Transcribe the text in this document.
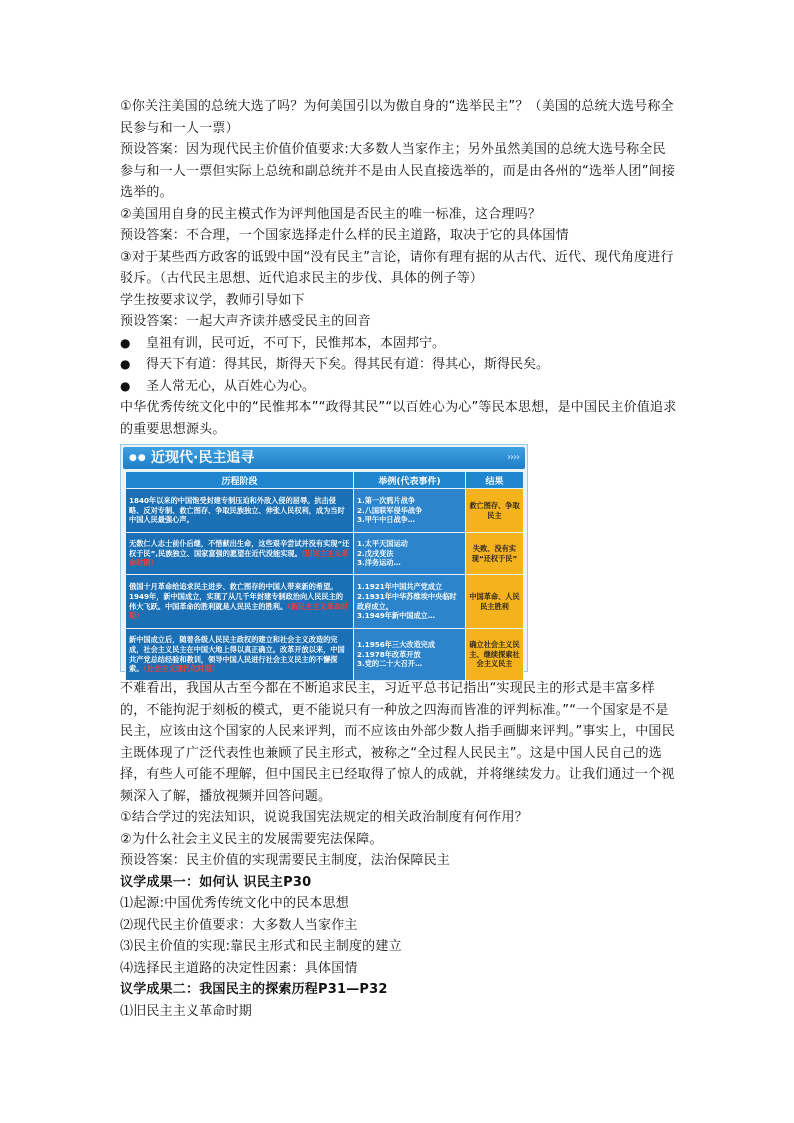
①你关注美国的总统大选了吗？为何美国引以为傲自身的“选举民主”？（美国的总统大选号称全民参与和一人一票）

预设答案：因为现代民主价值价值要求:大多数人当家作主；另外虽然美国的总统大选号称全民参与和一人一票但实际上总统和副总统并不是由人民直接选举的，而是由各州的“选举人团”间接选举的。

②美国用自身的民主模式作为评判他国是否民主的唯一标准，这合理吗？

预设答案：不合理，一个国家选择走什么样的民主道路，取决于它的具体国情

③对于某些西方政客的诋毁中国“没有民主”言论，请你有理有据的从古代、近代、现代角度进行驳斥。（古代民主思想、近代追求民主的步伐、具体的例子等）

学生按要求议学，教师引导如下

预设答案：一起大声齐读并感受民主的回音

●	皇祖有训，民可近，不可下，民惟邦本，本固邦宁。
●	得天下有道：得其民，斯得天下矣。得其民有道：得其心，斯得民矣。
●	圣人常无心，从百姓心为心。

中华优秀传统文化中的“民惟邦本”“政得其民”“以百姓心为心”等民本思想，是中国民主价值追求的重要思想源头。

●● 近现代·民主追寻	››››
历程阶段	举例(代表事件)	结果
1840年以来的中国饱受封建专制压迫和外敌入侵的屈辱。抗击侵略、反对专制、救亡图存、争取民族独立、伸张人民权利，成为当时中国人民最强心声。	1.第一次鸦片战争
2.八国联军侵华战争
3.甲午中日战争…	救亡图存、争取民主
无数仁人志士前仆后继，不惜献出生命，这些艰辛尝试并没有实现“还权于民”,民族独立、国家富强的愿望在近代没能实现。（旧民主主义革命时期）	1.太平天国运动
2.戊戌变法
3.洋务运动…	失败、没有实现“还权于民”
俄国十月革命给追求民主进步、救亡图存的中国人带来新的希望。1949年，新中国成立，实现了从几千年封建专制政治向人民民主的伟大飞跃。中国革命的胜利就是人民民主的胜利。（新民主主义革命时期）	1.1921年中国共产党成立
2.1931年中华苏维埃中央临时政府成立。
3.1949年新中国成立…	中国革命、人民民主胜利
新中国成立后，随着各级人民民主政权的建立和社会主义改造的完成，社会主义民主在中国大地上得以真正确立。改革开放以来，中国共产党总结经验和教训，领导中国人民进行社会主义民主的不懈探索。（社会主义现代化时期）	1.1956年三大改造完成
2.1978年改革开放
3.党的二十大召开…	确立社会主义民主、继续探索社会主义民主

不难看出，我国从古至今都在不断追求民主，习近平总书记指出“实现民主的形式是丰富多样的，不能拘泥于刻板的模式，更不能说只有一种放之四海而皆准的评判标准。”“一个国家是不是民主，应该由这个国家的人民来评判，而不应该由外部少数人指手画脚来评判。”事实上，中国民主既体现了广泛代表性也兼顾了民主形式，被称之“全过程人民民主”。这是中国人民自己的选择，有些人可能不理解，但中国民主已经取得了惊人的成就，并将继续发力。让我们通过一个视频深入了解，播放视频并回答问题。

①结合学过的宪法知识，说说我国宪法规定的相关政治制度有何作用？

②为什么社会主义民主的发展需要宪法保障。

预设答案：民主价值的实现需要民主制度，法治保障民主

议学成果一：如何认 识民主P30

⑴起源:中国优秀传统文化中的民本思想

⑵现代民主价值要求：大多数人当家作主

⑶民主价值的实现:靠民主形式和民主制度的建立

⑷选择民主道路的决定性因素：具体国情

议学成果二：我国民主的探索历程P31—P32

⑴旧民主主义革命时期
